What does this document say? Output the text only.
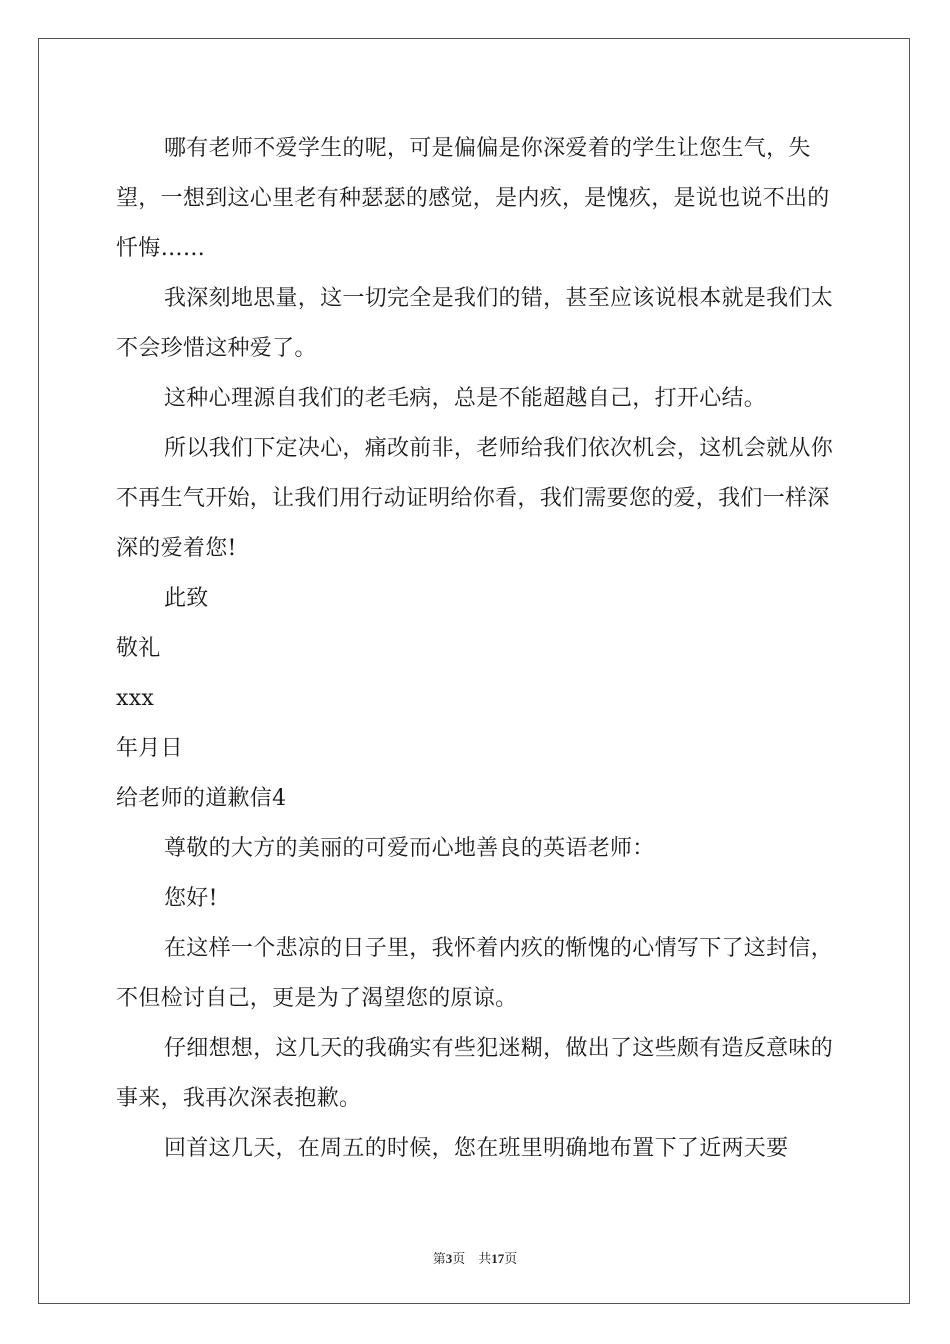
哪有老师不爱学生的呢，可是偏偏是你深爱着的学生让您生气，失望，一想到这心里老有种瑟瑟的感觉，是内疚，是愧疚，是说也说不出的忏悔……

我深刻地思量，这一切完全是我们的错，甚至应该说根本就是我们太不会珍惜这种爱了。

这种心理源自我们的老毛病，总是不能超越自己，打开心结。

所以我们下定决心，痛改前非，老师给我们依次机会，这机会就从你不再生气开始，让我们用行动证明给你看，我们需要您的爱，我们一样深深的爱着您!

此致

敬礼

xxx

年月日

给老师的道歉信4

尊敬的大方的美丽的可爱而心地善良的英语老师：

您好!

在这样一个悲凉的日子里，我怀着内疚的惭愧的心情写下了这封信，不但检讨自己，更是为了渴望您的原谅。

仔细想想，这几天的我确实有些犯迷糊，做出了这些颇有造反意味的事来，我再次深表抱歉。

回首这几天，在周五的时候，您在班里明确地布置下了近两天要

第3页　共17页
